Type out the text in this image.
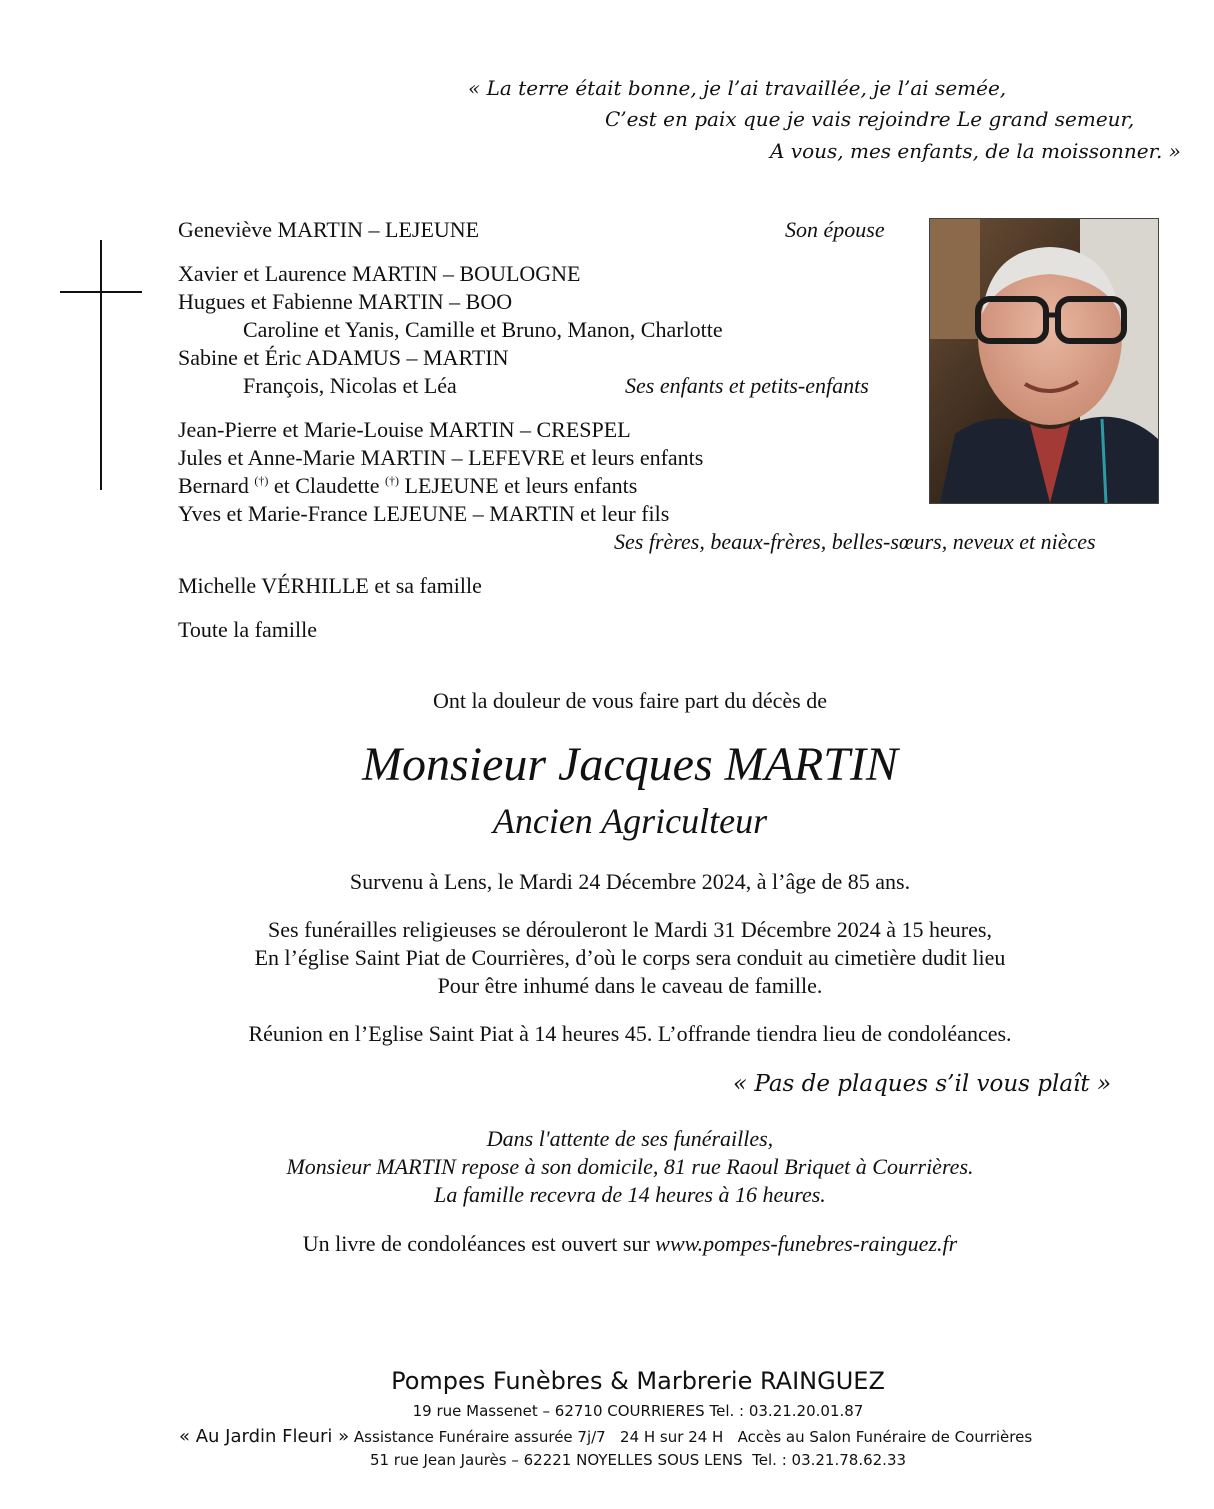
« La terre était bonne, je l’ai travaillée, je l’ai semée,
C’est en paix que je vais rejoindre Le grand semeur,
A vous, mes enfants, de la moissonner. »
Geneviève MARTIN – LEJEUNE	Son épouse
Xavier et Laurence MARTIN – BOULOGNE
Hugues et Fabienne MARTIN – BOO
Caroline et Yanis, Camille et Bruno, Manon, Charlotte
Sabine et Éric ADAMUS – MARTIN
François, Nicolas et Léa	Ses enfants et petits-enfants
Jean-Pierre et Marie-Louise MARTIN – CRESPEL
Jules et Anne-Marie MARTIN – LEFEVRE et leurs enfants
Bernard (†) et Claudette (†) LEJEUNE et leurs enfants
Yves et Marie-France LEJEUNE – MARTIN et leur fils
Ses frères, beaux-frères, belles-sœurs, neveux et nièces
Michelle VÉRHILLE et sa famille
Toute la famille
Ont la douleur de vous faire part du décès de
Monsieur Jacques MARTIN
Ancien Agriculteur
Survenu à Lens, le Mardi 24 Décembre 2024, à l’âge de 85 ans.
Ses funérailles religieuses se dérouleront le Mardi 31 Décembre 2024 à 15 heures,
En l’église Saint Piat de Courrières, d’où le corps sera conduit au cimetière dudit lieu
Pour être inhumé dans le caveau de famille.
Réunion en l’Eglise Saint Piat à 14 heures 45. L’offrande tiendra lieu de condoléances.
« Pas de plaques s’il vous plaît »
Dans l'attente de ses funérailles,
Monsieur MARTIN repose à son domicile, 81 rue Raoul Briquet à Courrières.
La famille recevra de 14 heures à 16 heures.
Un livre de condoléances est ouvert sur www.pompes-funebres-rainguez.fr
Pompes Funèbres & Marbrerie RAINGUEZ
19 rue Massenet – 62710 COURRIERES Tel. : 03.21.20.01.87
« Au Jardin Fleuri » Assistance Funéraire assurée 7j/7   24 H sur 24 H   Accès au Salon Funéraire de Courrières
51 rue Jean Jaurès – 62221 NOYELLES SOUS LENS  Tel. : 03.21.78.62.33
